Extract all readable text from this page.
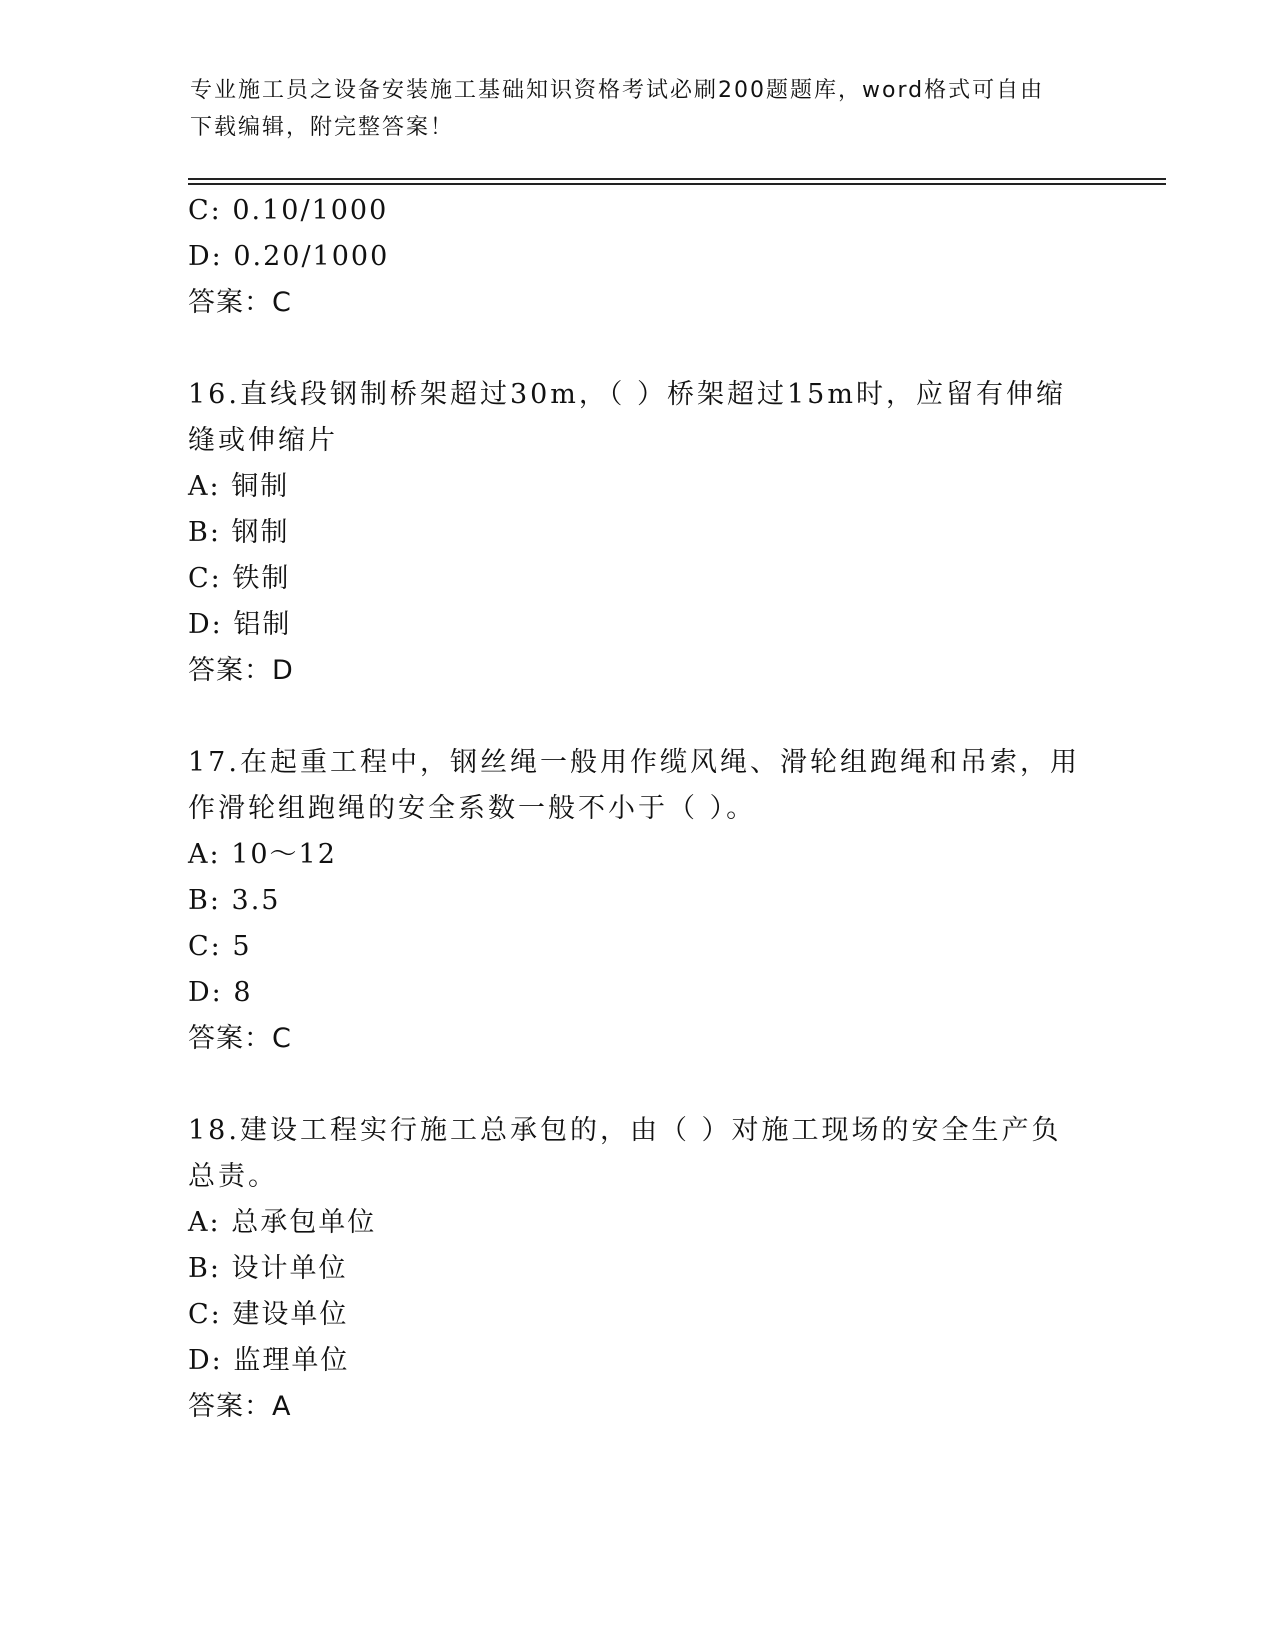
专业施工员之设备安装施工基础知识资格考试必刷200题题库，word格式可自由
下载编辑，附完整答案！
C: 0.10/1000
D: 0.20/1000
答案：C
16.直线段钢制桥架超过30m，（ ）桥架超过15m时，应留有伸缩缝或伸缩片
A: 铜制
B: 钢制
C: 铁制
D: 铝制
答案：D
17.在起重工程中，钢丝绳一般用作缆风绳、滑轮组跑绳和吊索，用作滑轮组跑绳的安全系数一般不小于（ ）。
A: 10～12
B: 3.5
C: 5
D: 8
答案：C
18.建设工程实行施工总承包的，由（ ）对施工现场的安全生产负总责。
A: 总承包单位
B: 设计单位
C: 建设单位
D: 监理单位
答案：A
